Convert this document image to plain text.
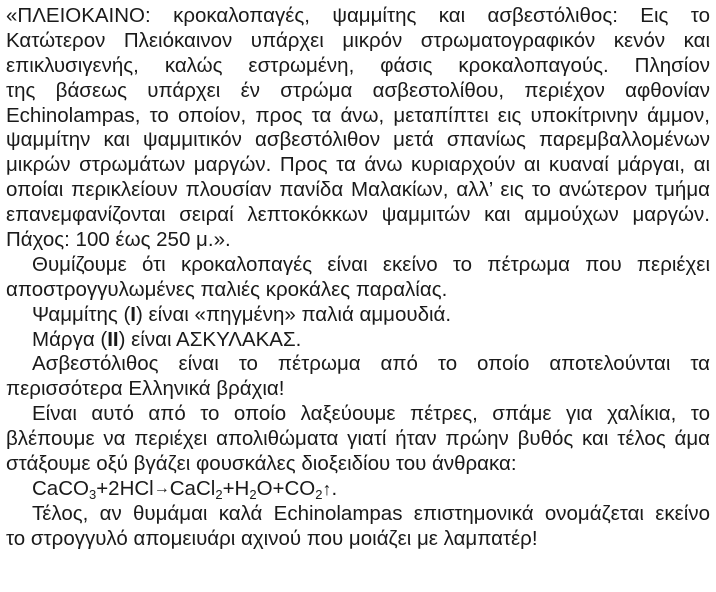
«ΠΛΕΙΟΚΑΙΝΟ: κροκαλοπαγές, ψαμμίτης και ασβεστόλιθος: Εις το
Κατώτερον Πλειόκαινον υπάρχει μικρόν στρωματογραφικόν κενόν και
επικλυσιγενής, καλώς εστρωμένη, φάσις κροκαλοπαγούς. Πλησίον
της βάσεως υπάρχει έν στρώμα ασβεστολίθου, περιέχον αφθονίαν
Echinolampas, το οποίον, προς τα άνω, μεταπίπτει εις υποκίτρινην άμμον,
ψαμμίτην και ψαμμιτικόν ασβεστόλιθον μετά σπανίως παρεμβαλλομένων
μικρών στρωμάτων μαργών. Προς τα άνω κυριαρχούν αι κυαναί μάργαι, αι
οποίαι περικλείουν πλουσίαν πανίδα Μαλακίων, αλλ’ εις το ανώτερον τμήμα
επανεμφανίζονται σειραί λεπτοκόκκων ψαμμιτών και αμμούχων μαργών.
Πάχος: 100 έως 250 μ.».
Θυμίζουμε ότι κροκαλοπαγές είναι εκείνο το πέτρωμα που περιέχει
αποστρογγυλωμένες παλιές κροκάλες παραλίας.
Ψαμμίτης (I) είναι «πηγμένη» παλιά αμμουδιά.
Μάργα (II) είναι ΑΣΚΥΛΑΚΑΣ.
Ασβεστόλιθος είναι το πέτρωμα από το οποίο αποτελούνται τα
περισσότερα Ελληνικά βράχια!
Είναι αυτό από το οποίο λαξεύουμε πέτρες, σπάμε για χαλίκια, το
βλέπουμε να περιέχει απολιθώματα γιατί ήταν πρώην βυθός και τέλος άμα
στάξουμε οξύ βγάζει φουσκάλες διοξειδίου του άνθρακα:
$CaCO_3+2HCl\to CaCl_2+H_2O+CO_2↑$.
Τέλος, αν θυμάμαι καλά Echinolampas επιστημονικά ονομάζεται εκείνο
το στρογγυλό απομειυάρι αχινού που μοιάζει με λαμπατέρ!
